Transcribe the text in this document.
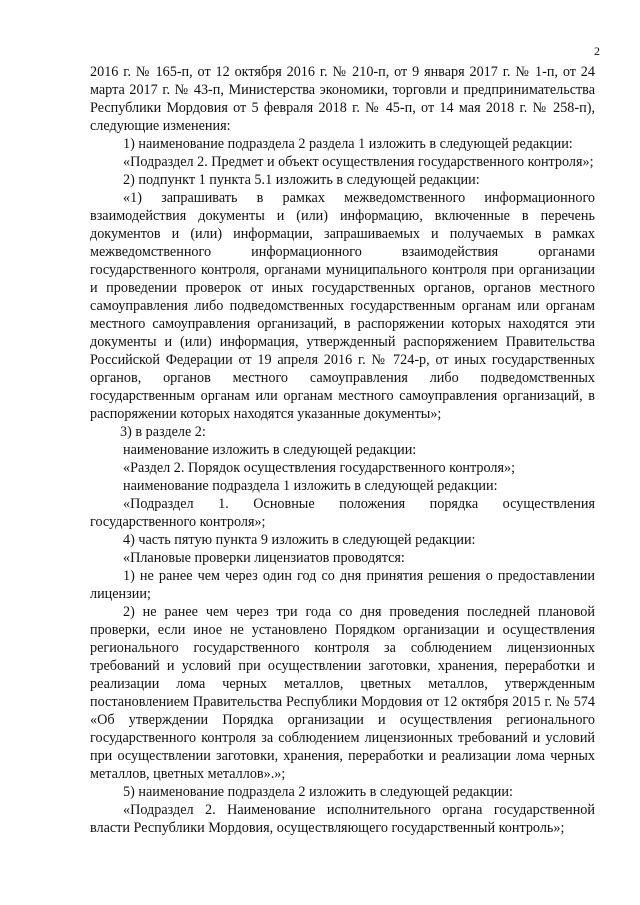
2

2016 г. № 165-п, от 12 октября 2016 г. № 210-п, от 9 января 2017 г. № 1-п, от 24 марта 2017 г. № 43-п, Министерства экономики, торговли и предпринимательства Республики Мордовия от 5 февраля 2018 г. № 45-п, от 14 мая 2018 г. № 258-п), следующие изменения:

1) наименование подраздела 2 раздела 1 изложить в следующей редакции:

«Подраздел 2. Предмет и объект осуществления государственного контроля»;

2) подпункт 1 пункта 5.1 изложить в следующей редакции:

«1) запрашивать в рамках межведомственного информационного взаимодействия документы и (или) информацию, включенные в перечень документов и (или) информации, запрашиваемых и получаемых в рамках межведомственного информационного взаимодействия органами государственного контроля, органами муниципального контроля при организации и проведении проверок от иных государственных органов, органов местного самоуправления либо подведомственных государственным органам или органам местного самоуправления организаций, в распоряжении которых находятся эти документы и (или) информация, утвержденный распоряжением Правительства Российской Федерации от 19 апреля 2016 г. № 724-р, от иных государственных органов, органов местного самоуправления либо подведомственных государственным органам или органам местного самоуправления организаций, в распоряжении которых находятся указанные документы»;

3) в разделе 2:

наименование изложить в следующей редакции:

«Раздел 2. Порядок осуществления государственного контроля»;

наименование подраздела 1 изложить в следующей редакции:

«Подраздел 1. Основные положения порядка осуществления государственного контроля»;

4) часть пятую пункта 9 изложить в следующей редакции:

«Плановые проверки лицензиатов проводятся:

1) не ранее чем через один год со дня принятия решения о предоставлении лицензии;

2) не ранее чем через три года со дня проведения последней плановой проверки, если иное не установлено Порядком организации и осуществления регионального государственного контроля за соблюдением лицензионных требований и условий при осуществлении заготовки, хранения, переработки и реализации лома черных металлов, цветных металлов, утвержденным постановлением Правительства Республики Мордовия от 12 октября 2015 г. № 574 «Об утверждении Порядка организации и осуществления регионального государственного контроля за соблюдением лицензионных требований и условий при осуществлении заготовки, хранения, переработки и реализации лома черных металлов, цветных металлов».»;

5) наименование подраздела 2 изложить в следующей редакции:

«Подраздел 2. Наименование исполнительного органа государственной власти Республики Мордовия, осуществляющего государственный контроль»;
